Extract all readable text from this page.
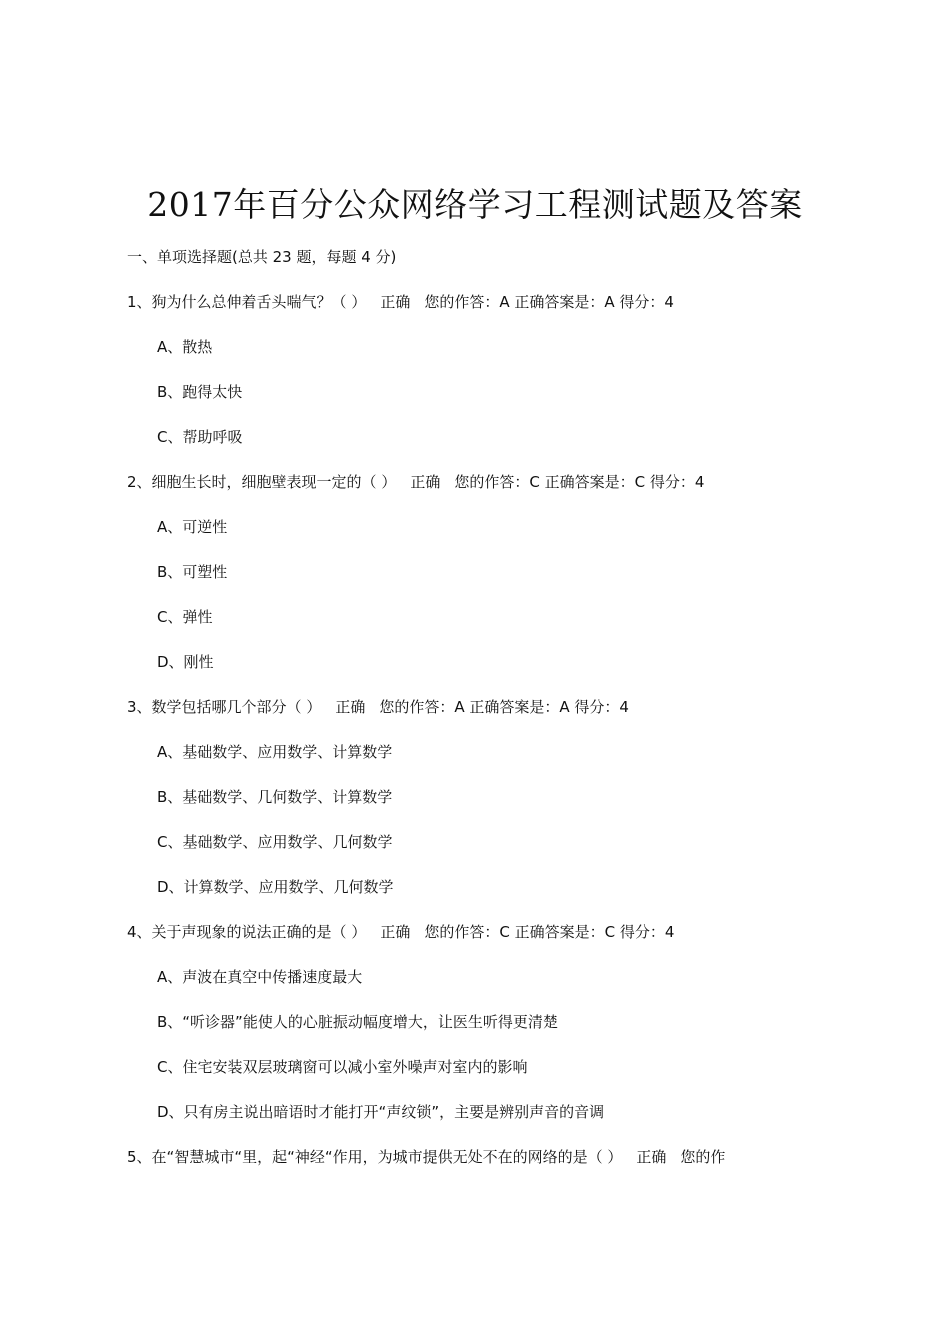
2017年百分公众网络学习工程测试题及答案
一、单项选择题(总共 23 题，每题 4 分)
1、狗为什么总伸着舌头喘气？（ ） 正确 您的作答：A 正确答案是：A 得分：4
A、散热
B、跑得太快
C、帮助呼吸
2、细胞生长时，细胞壁表现一定的（ ） 正确 您的作答：C 正确答案是：C 得分：4
A、可逆性
B、可塑性
C、弹性
D、刚性
3、数学包括哪几个部分（ ） 正确 您的作答：A 正确答案是：A 得分：4
A、基础数学、应用数学、计算数学
B、基础数学、几何数学、计算数学
C、基础数学、应用数学、几何数学
D、计算数学、应用数学、几何数学
4、关于声现象的说法正确的是（ ） 正确 您的作答：C 正确答案是：C 得分：4
A、声波在真空中传播速度最大
B、“听诊器”能使人的心脏振动幅度增大，让医生听得更清楚
C、住宅安装双层玻璃窗可以减小室外噪声对室内的影响
D、只有房主说出暗语时才能打开“声纹锁”，主要是辨别声音的音调
5、在“智慧城市“里，起“神经“作用，为城市提供无处不在的网络的是（ ） 正确 您的作
